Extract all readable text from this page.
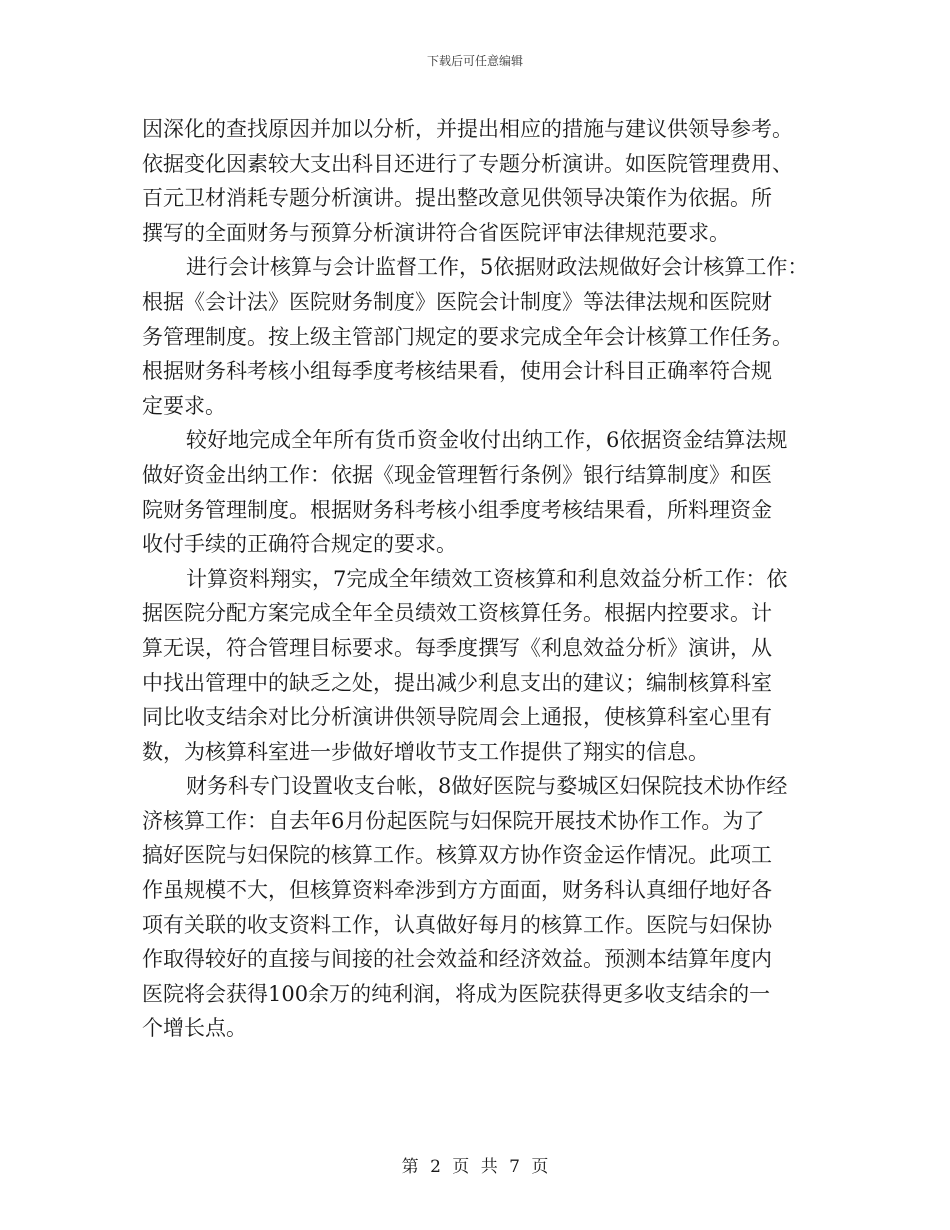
下载后可任意编辑
因深化的查找原因并加以分析，并提出相应的措施与建议供领导参考。
依据变化因素较大支出科目还进行了专题分析演讲。如医院管理费用、
百元卫材消耗专题分析演讲。提出整改意见供领导决策作为依据。所
撰写的全面财务与预算分析演讲符合省医院评审法律规范要求。
进行会计核算与会计监督工作，5依据财政法规做好会计核算工作：
根据《会计法》医院财务制度》医院会计制度》等法律法规和医院财
务管理制度。按上级主管部门规定的要求完成全年会计核算工作任务。
根据财务科考核小组每季度考核结果看，使用会计科目正确率符合规
定要求。
较好地完成全年所有货币资金收付出纳工作，6依据资金结算法规
做好资金出纳工作：依据《现金管理暂行条例》银行结算制度》和医
院财务管理制度。根据财务科考核小组季度考核结果看，所料理资金
收付手续的正确符合规定的要求。
计算资料翔实，7完成全年绩效工资核算和利息效益分析工作：依
据医院分配方案完成全年全员绩效工资核算任务。根据内控要求。计
算无误，符合管理目标要求。每季度撰写《利息效益分析》演讲，从
中找出管理中的缺乏之处，提出减少利息支出的建议；编制核算科室
同比收支结余对比分析演讲供领导院周会上通报，使核算科室心里有
数，为核算科室进一步做好增收节支工作提供了翔实的信息。
财务科专门设置收支台帐，8做好医院与婺城区妇保院技术协作经
济核算工作：自去年6月份起医院与妇保院开展技术协作工作。为了
搞好医院与妇保院的核算工作。核算双方协作资金运作情况。此项工
作虽规模不大，但核算资料牵涉到方方面面，财务科认真细仔地好各
项有关联的收支资料工作，认真做好每月的核算工作。医院与妇保协
作取得较好的直接与间接的社会效益和经济效益。预测本结算年度内
医院将会获得100余万的纯利润，将成为医院获得更多收支结余的一
个增长点。
第 2 页 共 7 页
